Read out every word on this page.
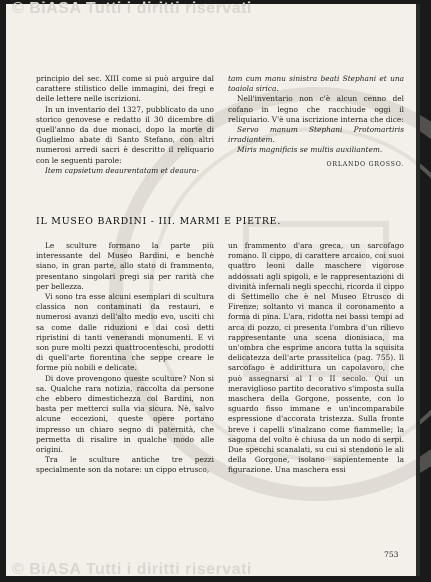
principio del sec. XIII come si può arguire dal carattere stilistico delle immagini, dei fregi e delle lettere nelle iscrizioni.

In un inventario del 1327, pubblicato da uno storico genovese e redatto il 30 dicembre di quell'anno da due monaci, dopo la morte di Guglielmo abate di Santo Stefano, con altri numerosi arredi sacri è descritto il reliquario con le seguenti parole:

Item capsietum deaurentatam et deaura-

tam cum manu sinistra beati Stephani et una toaiola sirica.

Nell'inventario non c'è alcun cenno del cofano in legno che racchiude oggi il reliquiario. V'è una iscrizione interna che dice:

Servo manum Stephani Protomartiris irradiantem.

Miris magnificis se multis auxiliantem.

ORLANDO GROSSO.

IL MUSEO BARDINI - III. MARMI E PIETRE.

Le sculture formano la parte più interessante del Museo Bardini, e benchè siano, in gran parte, allo stato di frammento, presentano singolari pregi sia per rarità che per bellezza.

Vi sono tra esse alcuni esemplari di scultura classica non contaminati da restauri, e numerosi avanzi dell'alto medio evo, usciti chi sa come dalle riduzioni e dai così detti ripristini di tanti venerandi monumenti. E vi son pure molti pezzi quattrocenteschi, prodotti di quell'arte fiorentina che seppe creare le forme più nobili e delicate.

Di dove provengono queste sculture? Non si sa. Qualche rara notizia, raccolta da persone che ebbero dimestichezza col Bardini, non basta per metterci sulla via sicura. Nè, salvo alcune eccezioni, queste opere portano impresso un chiaro segno di paternità, che permetta di risalire in qualche modo alle origini.

Tra le sculture antiche tre pezzi specialmente son da notare: un cippo etrusco,

un frammento d'ara greca, un sarcofago romano. Il cippo, di carattere arcaico, coi suoi quattro leoni dalle maschere vigorose addossati agli spigoli, e le rappresentazioni di divinità infernali negli specchi, ricorda il cippo di Settimello che è nel Museo Etrusco di Firenze; soltanto vi manca il coronamento a forma di pina. L'ara, ridotta nei bassi tempi ad arca di pozzo, ci presenta l'ombra d'un rilievo rappresentante una scena dionisiaca, ma un'ombra che esprime ancora tutta la squisita delicatezza dell'arte prassitelica (pag. 755). Il sarcofago è addirittura un capolavoro, che può assegnarsi al I o II secolo. Qui un meraviglioso partito decorativo s'imposta sulla maschera della Gorgone, possente, con lo sguardo fisso immane e un'incomparabile espressione d'accorata tristezza. Sulla fronte breve i capelli s'inalzano come fiammelle; la sagoma del volto è chiusa da un nodo di serpi. Due specchi scanalati, su cui si stendono le ali della Gorgone, isolano sapientemente la figurazione. Una maschera essi

753
© BiASA Tutti i diritti riservati
© BiASA Tutti i diritti riservati
